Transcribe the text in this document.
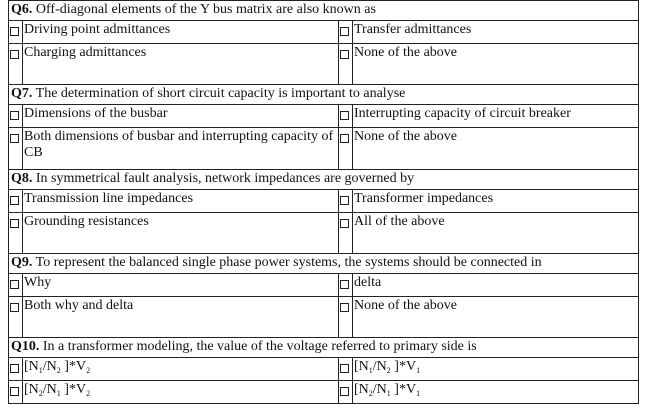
Q6. Off-diagonal elements of the Y bus matrix are also known as			
	Driving point admittances		Transfer admittances
	Charging admittances		None of the above
Q7. The determination of short circuit capacity is important to analyse			
	Dimensions of the busbar		Interrupting capacity of circuit breaker
	Both dimensions of busbar and interrupting capacity of CB		None of the above
Q8. In symmetrical fault analysis, network impedances are governed by			
	Transmission line impedances		Transformer impedances
	Grounding resistances		All of the above
Q9. To represent the balanced single phase power systems, the systems should be connected in			
	Why		delta
	Both why and delta		None of the above
Q10. In a transformer modeling, the value of the voltage referred to primary side is			
	[$N_1/N_2$ ]$*V_2$		[$N_1/N_2$ ]$*V_1$
	[$N_2/N_1$ ]$*V_2$		[$N_2/N_1$ ]$*V_1$
